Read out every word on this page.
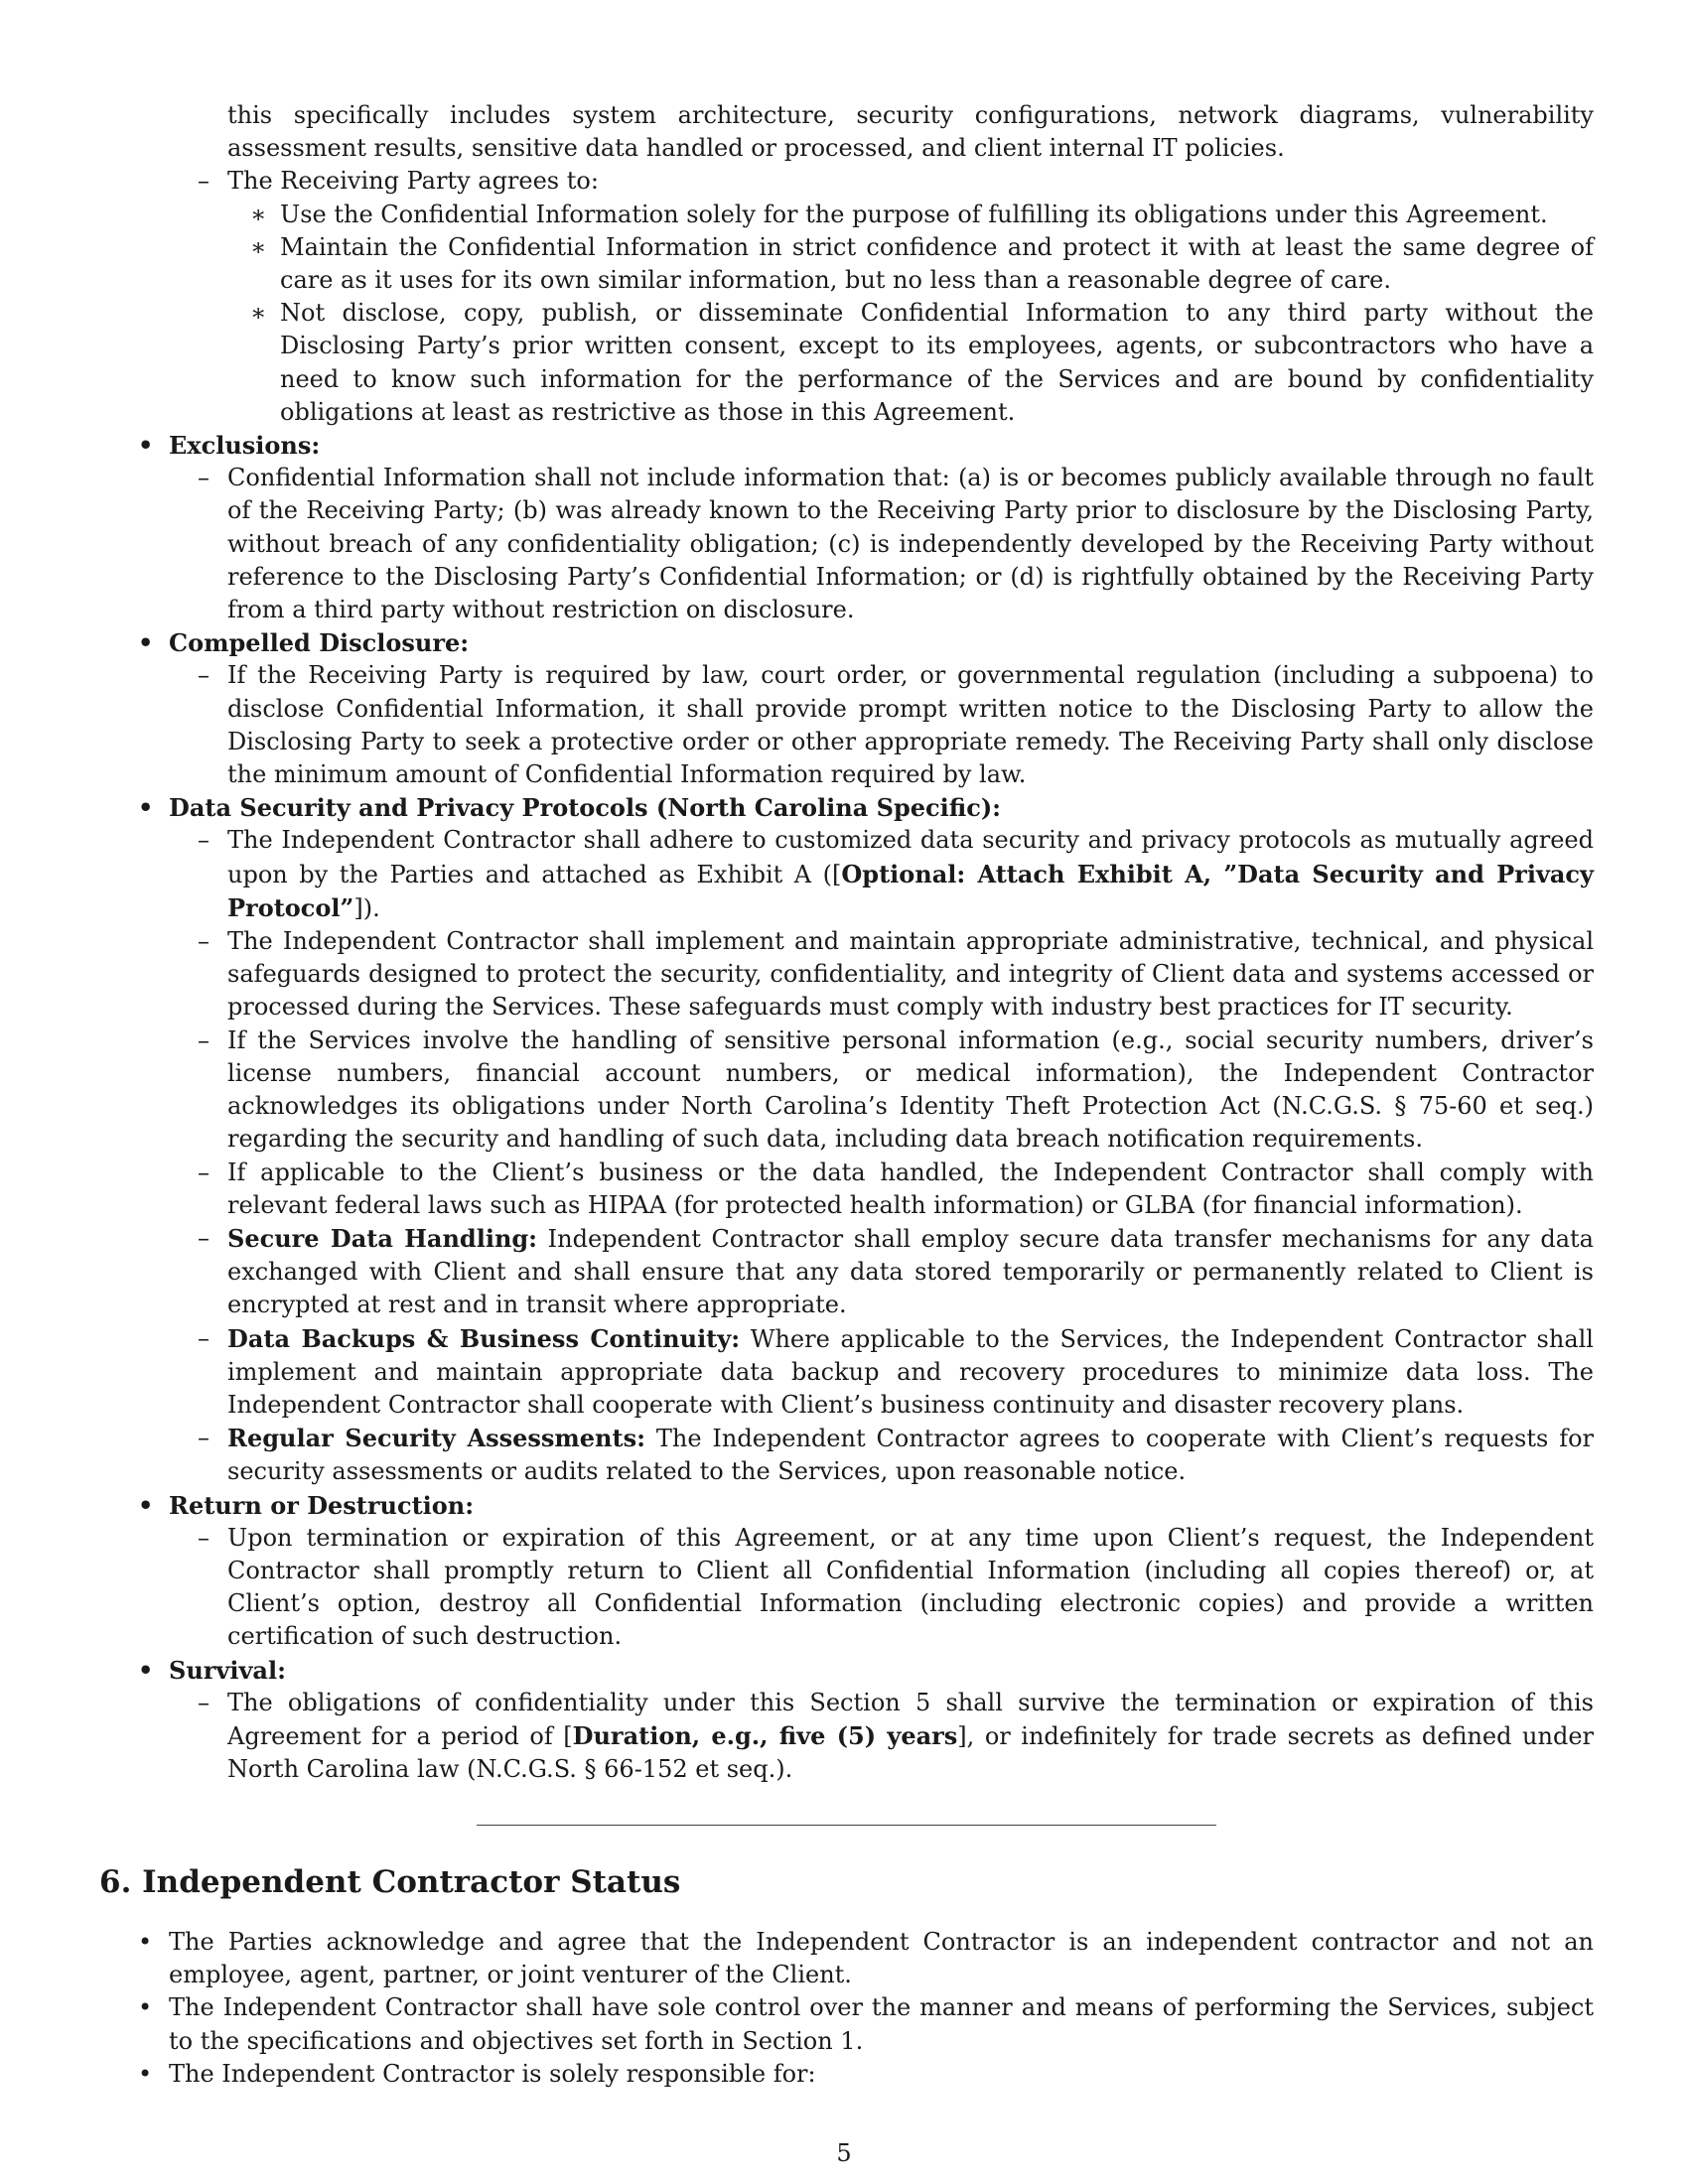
this specifically includes system architecture, security configurations, network diagrams, vulnerability assessment results, sensitive data handled or processed, and client internal IT policies.

– The Receiving Party agrees to:

∗ Use the Confidential Information solely for the purpose of fulfilling its obligations under this Agreement.

∗ Maintain the Confidential Information in strict confidence and protect it with at least the same degree of care as it uses for its own similar information, but no less than a reasonable degree of care.

∗ Not disclose, copy, publish, or disseminate Confidential Information to any third party without the Disclosing Party’s prior written consent, except to its employees, agents, or subcontractors who have a need to know such information for the performance of the Services and are bound by confidentiality obligations at least as restrictive as those in this Agreement.

• Exclusions:

– Confidential Information shall not include information that: (a) is or becomes publicly available through no fault of the Receiving Party; (b) was already known to the Receiving Party prior to disclosure by the Disclosing Party, without breach of any confidentiality obligation; (c) is independently developed by the Receiving Party without reference to the Disclosing Party’s Confidential Information; or (d) is rightfully obtained by the Receiving Party from a third party without restriction on disclosure.

• Compelled Disclosure:

– If the Receiving Party is required by law, court order, or governmental regulation (including a subpoena) to disclose Confidential Information, it shall provide prompt written notice to the Disclosing Party to allow the Disclosing Party to seek a protective order or other appropriate remedy. The Receiving Party shall only disclose the minimum amount of Confidential Information required by law.

• Data Security and Privacy Protocols (North Carolina Specific):

– The Independent Contractor shall adhere to customized data security and privacy protocols as mutually agreed upon by the Parties and attached as Exhibit A ([Optional: Attach Exhibit A, ”Data Security and Privacy Protocol”]).

– The Independent Contractor shall implement and maintain appropriate administrative, technical, and physical safeguards designed to protect the security, confidentiality, and integrity of Client data and systems accessed or processed during the Services. These safeguards must comply with industry best practices for IT security.

– If the Services involve the handling of sensitive personal information (e.g., social security numbers, driver’s license numbers, financial account numbers, or medical information), the Independent Contractor acknowledges its obligations under North Carolina’s Identity Theft Protection Act (N.C.G.S. § 75-60 et seq.) regarding the security and handling of such data, including data breach notification requirements.

– If applicable to the Client’s business or the data handled, the Independent Contractor shall comply with relevant federal laws such as HIPAA (for protected health information) or GLBA (for financial information).

– Secure Data Handling: Independent Contractor shall employ secure data transfer mechanisms for any data exchanged with Client and shall ensure that any data stored temporarily or permanently related to Client is encrypted at rest and in transit where appropriate.

– Data Backups & Business Continuity: Where applicable to the Services, the Independent Contractor shall implement and maintain appropriate data backup and recovery procedures to minimize data loss. The Independent Contractor shall cooperate with Client’s business continuity and disaster recovery plans.

– Regular Security Assessments: The Independent Contractor agrees to cooperate with Client’s requests for security assessments or audits related to the Services, upon reasonable notice.

• Return or Destruction:

– Upon termination or expiration of this Agreement, or at any time upon Client’s request, the Independent Contractor shall promptly return to Client all Confidential Information (including all copies thereof) or, at Client’s option, destroy all Confidential Information (including electronic copies) and provide a written certification of such destruction.

• Survival:

– The obligations of confidentiality under this Section 5 shall survive the termination or expiration of this Agreement for a period of [Duration, e.g., five (5) years], or indefinitely for trade secrets as defined under North Carolina law (N.C.G.S. § 66-152 et seq.).

6. Independent Contractor Status

• The Parties acknowledge and agree that the Independent Contractor is an independent contractor and not an employee, agent, partner, or joint venturer of the Client.

• The Independent Contractor shall have sole control over the manner and means of performing the Services, subject to the specifications and objectives set forth in Section 1.

• The Independent Contractor is solely responsible for:

5
